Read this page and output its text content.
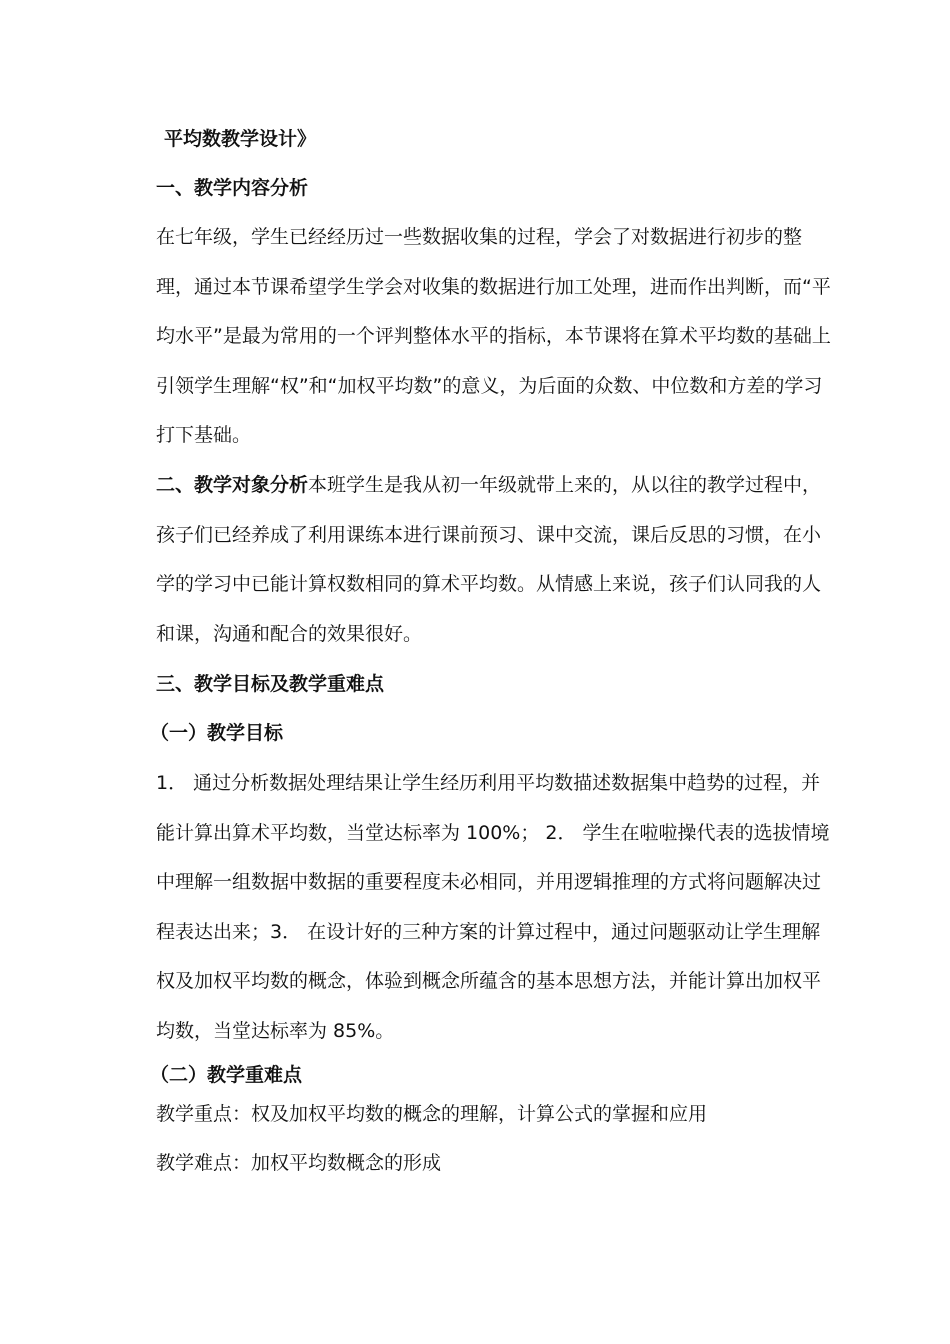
平均数教学设计》

一、教学内容分析

在七年级，学生已经经历过一些数据收集的过程，学会了对数据进行初步的整理，通过本节课希望学生学会对收集的数据进行加工处理，进而作出判断，而“平均水平”是最为常用的一个评判整体水平的指标，本节课将在算术平均数的基础上引领学生理解“权”和“加权平均数”的意义，为后面的众数、中位数和方差的学习打下基础。

二、教学对象分析本班学生是我从初一年级就带上来的，从以往的教学过程中，孩子们已经养成了利用课练本进行课前预习、课中交流，课后反思的习惯，在小学的学习中已能计算权数相同的算术平均数。从情感上来说，孩子们认同我的人和课，沟通和配合的效果很好。

三、教学目标及教学重难点

（一）教学目标

1． 通过分析数据处理结果让学生经历利用平均数描述数据集中趋势的过程，并能计算出算术平均数，当堂达标率为 100%； 2． 学生在啦啦操代表的选拔情境中理解一组数据中数据的重要程度未必相同，并用逻辑推理的方式将问题解决过程表达出来；3． 在设计好的三种方案的计算过程中，通过问题驱动让学生理解权及加权平均数的概念，体验到概念所蕴含的基本思想方法，并能计算出加权平均数，当堂达标率为 85%。

（二）教学重难点

教学重点：权及加权平均数的概念的理解，计算公式的掌握和应用

教学难点：加权平均数概念的形成
